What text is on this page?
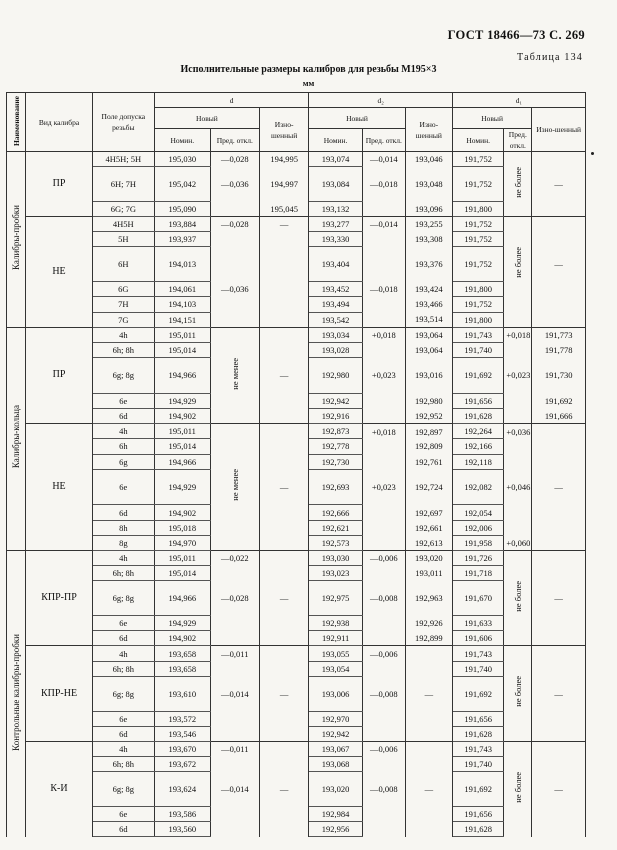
ГОСТ 18466—73 С. 269
Таблица 134
Исполнительные размеры калибров для резьбы М195×3
мм
Наименование	Вид калибра	Поле допуска резьбы	d			d₂			d₁		
			Новый		Изно-шенный	Новый		Изно-шенный	Новый		Изно-шенный
			Номин.	Пред. откл.		Номин.	Пред. откл.		Номин.	Пред. откл.	
Калибры-пробки	ПР	4H5H; 5H	195,030	—0,028	194,995	193,074	—0,014	193,046	191,752		
		6H; 7H	195,042	—0,036	194,997	193,084	—0,018	193,048	191,752	не более	—
		6G; 7G	195,090		195,045	193,132		193,096	191,800		
	НЕ	4H5H	193,884	—0,028	—	193,277	—0,014	193,255	191,752		
		5H	193,937			193,330		193,308	191,752		
		6H	194,013			193,404		193,376	191,752	не более	—
		6G	194,061	—0,036		193,452	—0,018	193,424	191,800		
		7H	194,103			193,494		193,466	191,752		
		7G	194,151			193,542		193,514	191,800		
Калибры-кольца	ПР	4h	195,011			193,034	+0,018	193,064	191,743	+0,018	191,773
		6h; 8h	195,014			193,028		193,064	191,740		191,778
		6g; 8g	194,966	не менее	—	192,980	+0,023	193,016	191,692	+0,023	191,730
		6e	194,929			192,942		192,980	191,656		191,692
		6d	194,902			192,916		192,952	191,628		191,666
	НЕ	4h	195,011			192,873	+0,018	192,897	192,264	+0,036	
		6h	195,014			192,778		192,809	192,166		
		6g	194,966			192,730		192,761	192,118		
		6e	194,929	не менее	—	192,693	+0,023	192,724	192,082	+0,046	—
		6d	194,902			192,666		192,697	192,054		
		8h	195,018			192,621		192,661	192,006		
		8g	194,970			192,573		192,613	191,958	+0,060	
Контрольные калибры-пробки	КПР-ПР	4h	195,011	—0,022		193,030	—0,006	193,020	191,726		
		6h; 8h	195,014			193,023		193,011	191,718		
		6g; 8g	194,966	—0,028	—	192,975	—0,008	192,963	191,670	не более	—
		6e	194,929			192,938		192,926	191,633		
		6d	194,902			192,911		192,899	191,606		
	КПР-НЕ	4h	193,658	—0,011		193,055	—0,006		191,743		
		6h; 8h	193,658			193,054			191,740		
		6g; 8g	193,610	—0,014	—	193,006	—0,008	—	191,692	не более	—
		6e	193,572			192,970			191,656		
		6d	193,546			192,942			191,628		
	К-И	4h	193,670	—0,011		193,067	—0,006		191,743		
		6h; 8h	193,672			193,068			191,740		
		6g; 8g	193,624	—0,014	—	193,020	—0,008	—	191,692	не более	—
		6e	193,586			192,984			191,656		
		6d	193,560			192,956			191,628		
